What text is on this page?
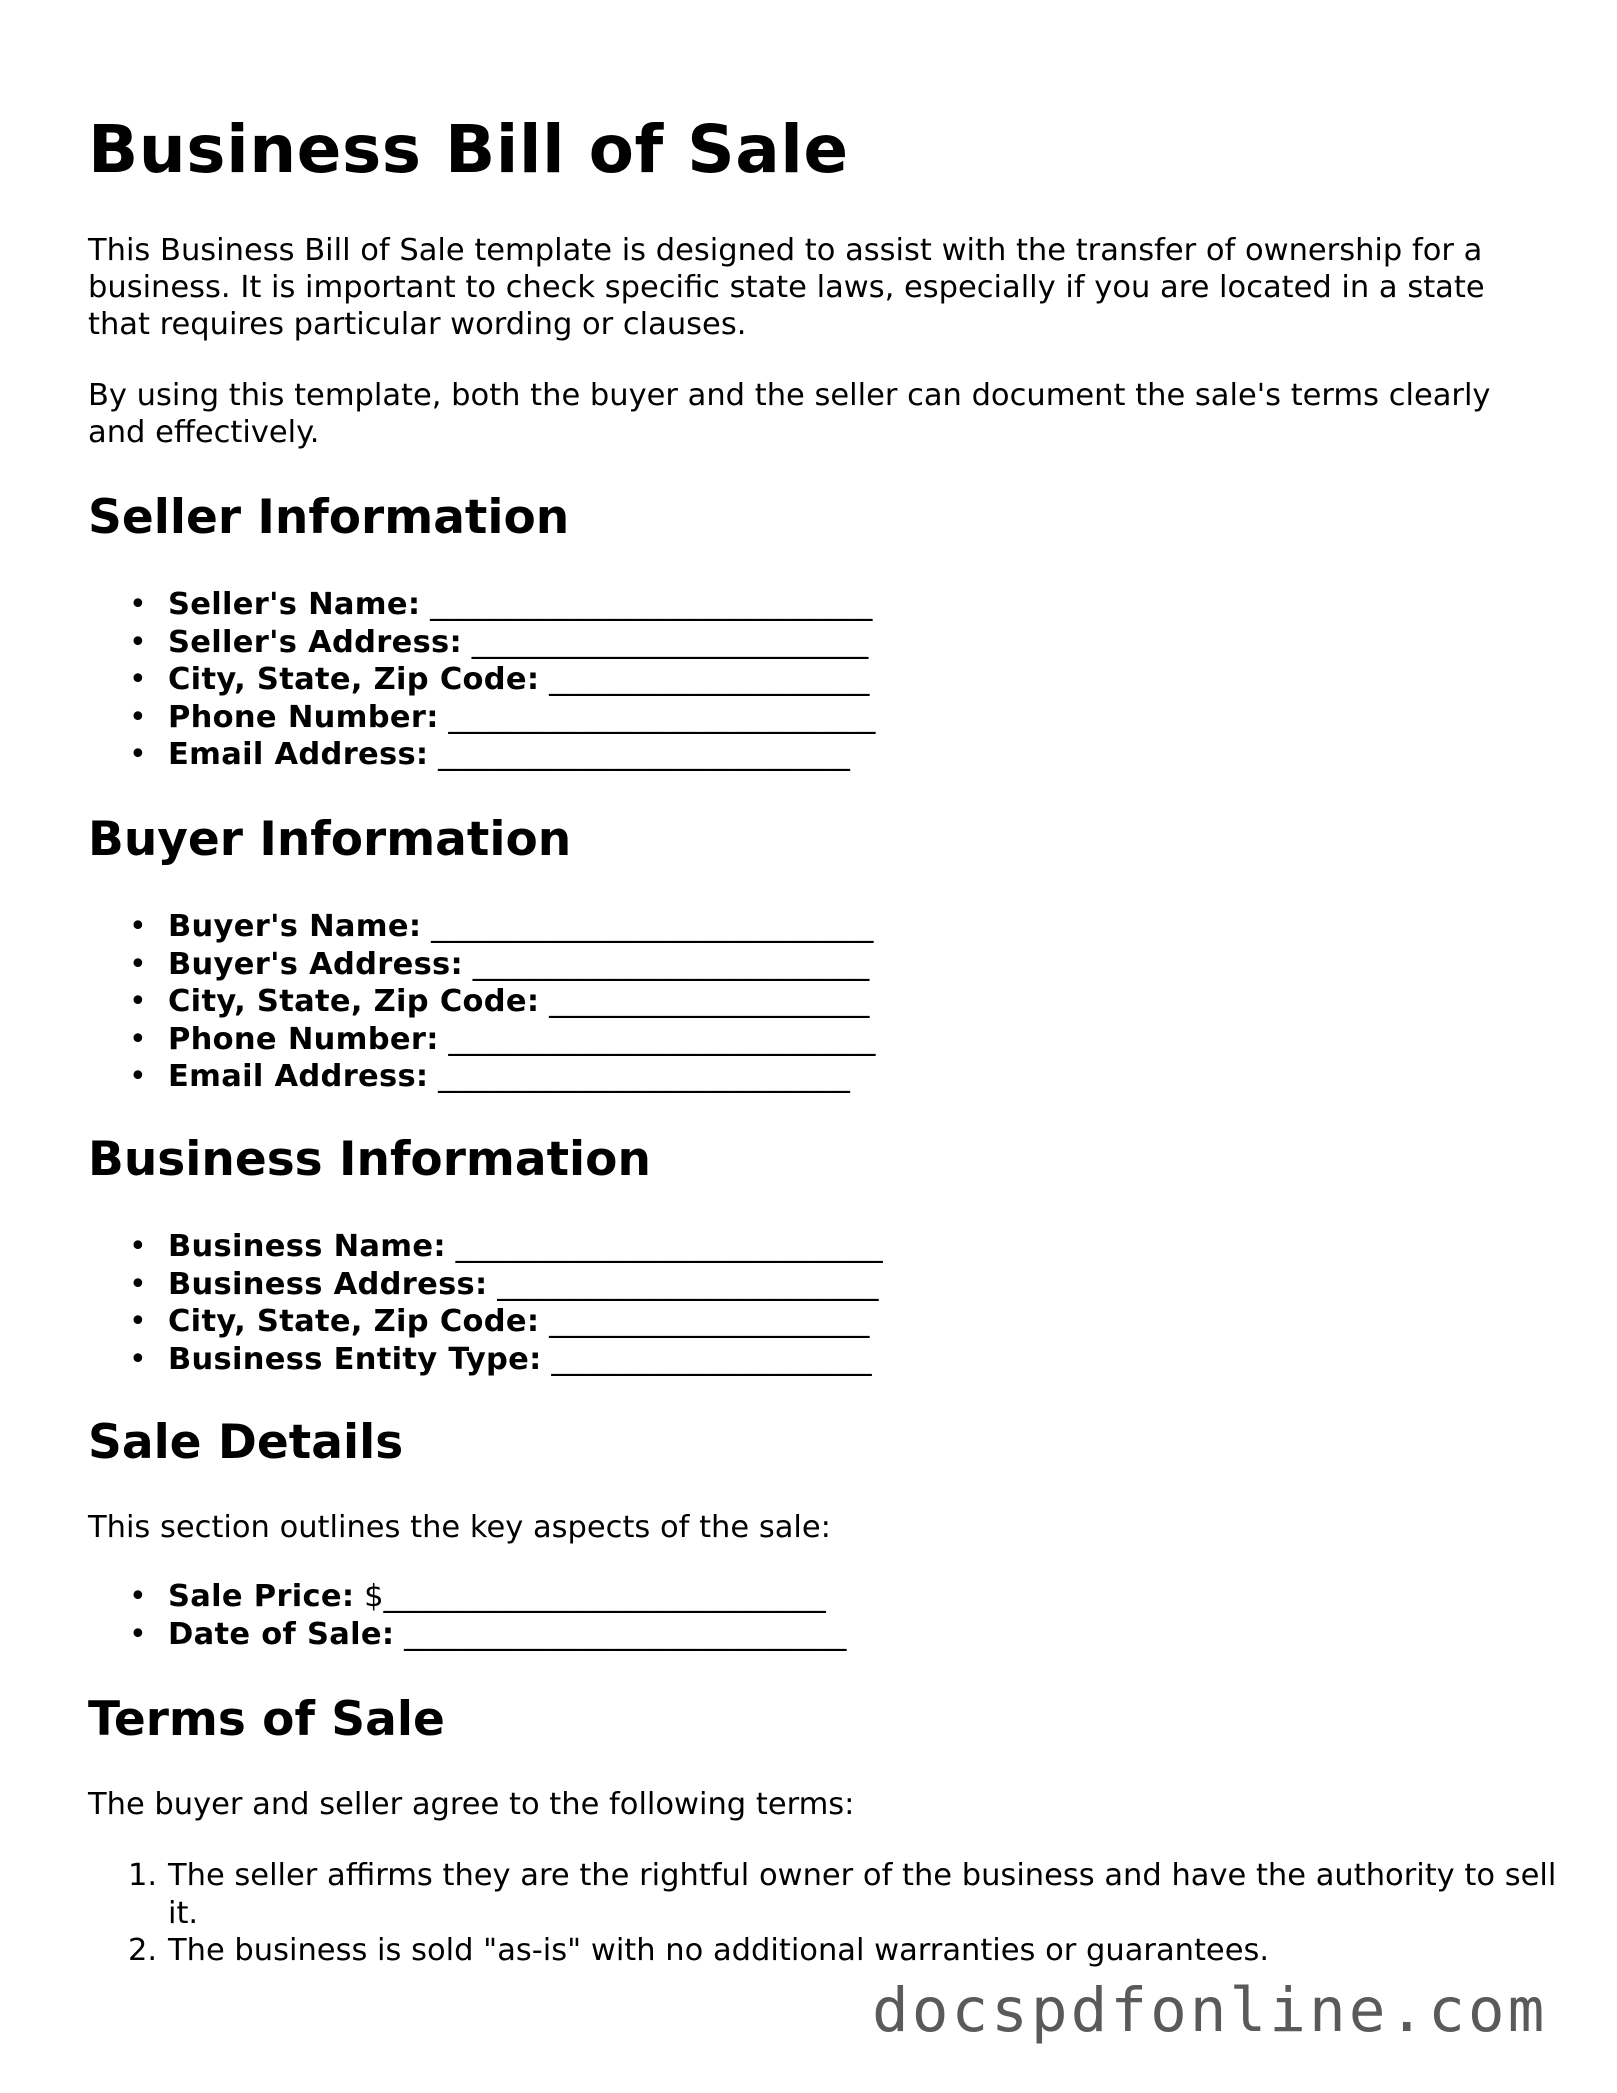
Business Bill of Sale

This Business Bill of Sale template is designed to assist with the transfer of ownership for a business. It is important to check specific state laws, especially if you are located in a state that requires particular wording or clauses.

By using this template, both the buyer and the seller can document the sale's terms clearly and effectively.

Seller Information
• Seller's Name: _____________________________
• Seller's Address: __________________________
• City, State, Zip Code: _____________________
• Phone Number: ____________________________
• Email Address: ___________________________
Buyer Information
• Buyer's Name: _____________________________
• Buyer's Address: __________________________
• City, State, Zip Code: _____________________
• Phone Number: ____________________________
• Email Address: ___________________________
Business Information
• Business Name: ____________________________
• Business Address: _________________________
• City, State, Zip Code: _____________________
• Business Entity Type: _____________________
Sale Details

This section outlines the key aspects of the sale:

• Sale Price: $_____________________________
• Date of Sale: _____________________________
Terms of Sale

The buyer and seller agree to the following terms:

1. The seller affirms they are the rightful owner of the business and have the authority to sell it.
2. The business is sold "as-is" with no additional warranties or guarantees.
docspdfonline.com
